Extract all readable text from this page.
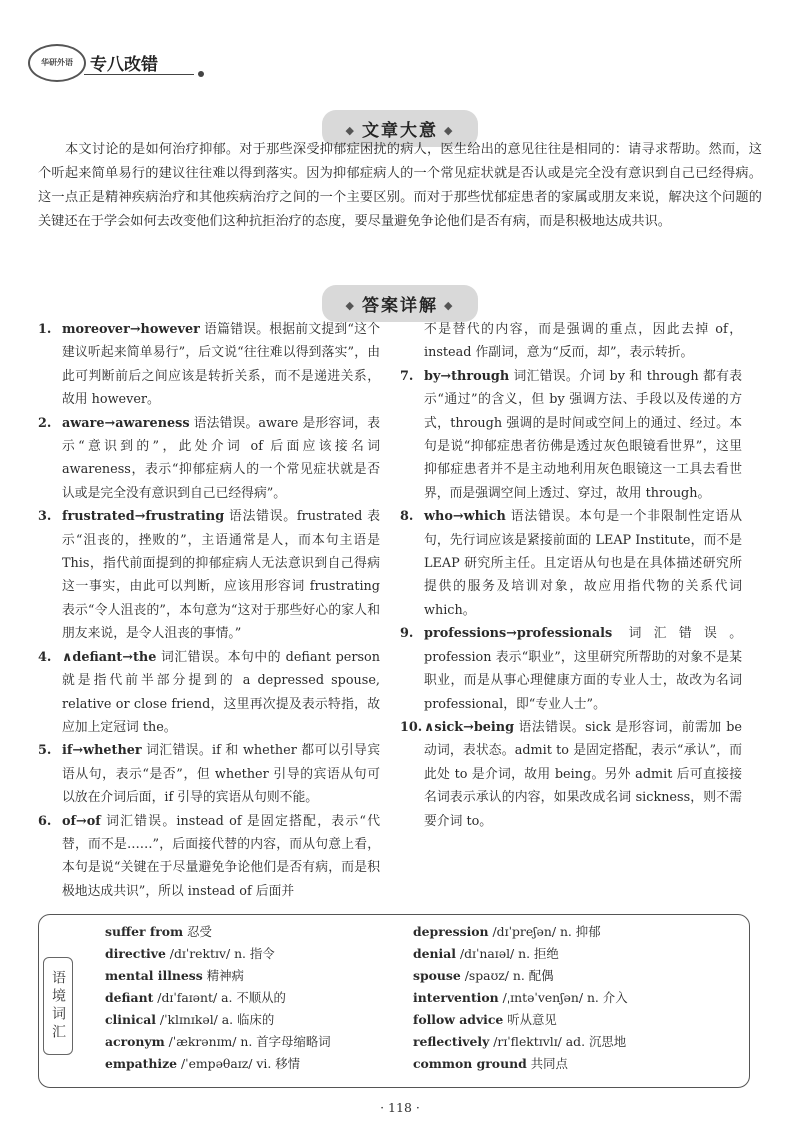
华研外语	专八改错
◆ 文章大意 ◆

本文讨论的是如何治疗抑郁。对于那些深受抑郁症困扰的病人，医生给出的意见往往是相同的：请寻求帮助。然而，这个听起来简单易行的建议往往难以得到落实。因为抑郁症病人的一个常见症状就是否认或是完全没有意识到自己已经得病。这一点正是精神疾病治疗和其他疾病治疗之间的一个主要区别。而对于那些忧郁症患者的家属或朋友来说，解决这个问题的关键还在于学会如何去改变他们这种抗拒治疗的态度，要尽量避免争论他们是否有病，而是积极地达成共识。

◆ 答案详解 ◆
1. moreover→however 语篇错误。根据前文提到“这个建议听起来简单易行”，后文说“往往难以得到落实”，由此可判断前后之间应该是转折关系，而不是递进关系，故用 however。
2. aware→awareness 语法错误。aware 是形容词，表示“意识到的”，此处介词 of 后面应该接名词 awareness，表示“抑郁症病人的一个常见症状就是否认或是完全没有意识到自己已经得病”。
3. frustrated→frustrating 语法错误。frustrated 表示“沮丧的，挫败的”，主语通常是人，而本句主语是 This，指代前面提到的抑郁症病人无法意识到自己得病这一事实，由此可以判断，应该用形容词 frustrating 表示“令人沮丧的”，本句意为“这对于那些好心的家人和朋友来说，是令人沮丧的事情。”
4. ∧defiant→the 词汇错误。本句中的 defiant person 就是指代前半部分提到的 a depressed spouse, relative or close friend，这里再次提及表示特指，故应加上定冠词 the。
5. if→whether 词汇错误。if 和 whether 都可以引导宾语从句，表示“是否”，但 whether 引导的宾语从句可以放在介词后面，if 引导的宾语从句则不能。
6. of→of 词汇错误。instead of 是固定搭配，表示“代替，而不是……”，后面接代替的内容，而从句意上看，本句是说“关键在于尽量避免争论他们是否有病，而是积极地达成共识”，所以 instead of 后面并
不是替代的内容，而是强调的重点，因此去掉 of，instead 作副词，意为“反而，却”，表示转折。
7. by→through 词汇错误。介词 by 和 through 都有表示“通过”的含义，但 by 强调方法、手段以及传递的方式，through 强调的是时间或空间上的通过、经过。本句是说“抑郁症患者彷佛是透过灰色眼镜看世界”，这里抑郁症患者并不是主动地利用灰色眼镜这一工具去看世界，而是强调空间上透过、穿过，故用 through。
8. who→which 语法错误。本句是一个非限制性定语从句，先行词应该是紧接前面的 LEAP Institute，而不是 LEAP 研究所主任。且定语从句也是在具体描述研究所提供的服务及培训对象，故应用指代物的关系代词 which。
9. professions→professionals 词汇错误。profession 表示“职业”，这里研究所帮助的对象不是某职业，而是从事心理健康方面的专业人士，故改为名词 professional，即“专业人士”。
10. ∧sick→being 语法错误。sick 是形容词，前需加 be 动词，表状态。admit to 是固定搭配，表示“承认”，而此处 to 是介词，故用 being。另外 admit 后可直接接名词表示承认的内容，如果改成名词 sickness，则不需要介词 to。
语境词汇
suffer from 忍受
directive /dɪˈrektɪv/ n. 指令
mental illness 精神病
defiant /dɪˈfaɪənt/ a. 不顺从的
clinical /ˈklɪnɪkəl/ a. 临床的
acronym /ˈækrənɪm/ n. 首字母缩略词
empathize /ˈempəθaɪz/ vi. 移情
depression /dɪˈpreʃən/ n. 抑郁
denial /dɪˈnaɪəl/ n. 拒绝
spouse /spaʊz/ n. 配偶
intervention /ˌɪntəˈvenʃən/ n. 介入
follow advice 听从意见
reflectively /rɪˈflektɪvlɪ/ ad. 沉思地
common ground 共同点
· 118 ·
